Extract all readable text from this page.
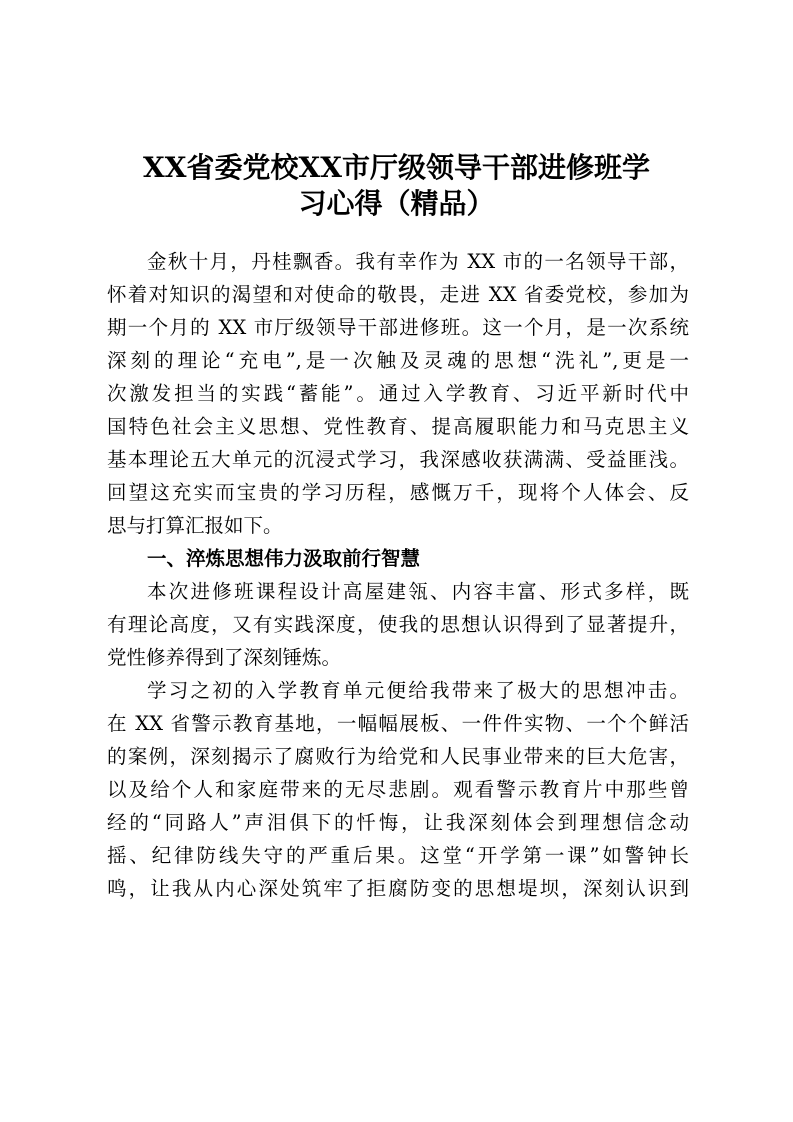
XX省委党校XX市厅级领导干部进修班学
习心得（精品）
金秋十月，丹桂飘香。我有幸作为 XX 市的一名领导干部，
怀着对知识的渴望和对使命的敬畏，走进 XX 省委党校，参加为
期一个月的 XX 市厅级领导干部进修班。这一个月，是一次系统
深刻的理论“充电”,是一次触及灵魂的思想“洗礼”,更是一
次激发担当的实践“蓄能”。通过入学教育、习近平新时代中
国特色社会主义思想、党性教育、提高履职能力和马克思主义
基本理论五大单元的沉浸式学习，我深感收获满满、受益匪浅。
回望这充实而宝贵的学习历程，感慨万千，现将个人体会、反
思与打算汇报如下。
一、淬炼思想伟力汲取前行智慧
本次进修班课程设计高屋建瓴、内容丰富、形式多样，既
有理论高度，又有实践深度，使我的思想认识得到了显著提升，
党性修养得到了深刻锤炼。
学习之初的入学教育单元便给我带来了极大的思想冲击。
在 XX 省警示教育基地，一幅幅展板、一件件实物、一个个鲜活
的案例，深刻揭示了腐败行为给党和人民事业带来的巨大危害，
以及给个人和家庭带来的无尽悲剧。观看警示教育片中那些曾
经的“同路人”声泪俱下的忏悔，让我深刻体会到理想信念动
摇、纪律防线失守的严重后果。这堂“开学第一课”如警钟长
鸣，让我从内心深处筑牢了拒腐防变的思想堤坝，深刻认识到
